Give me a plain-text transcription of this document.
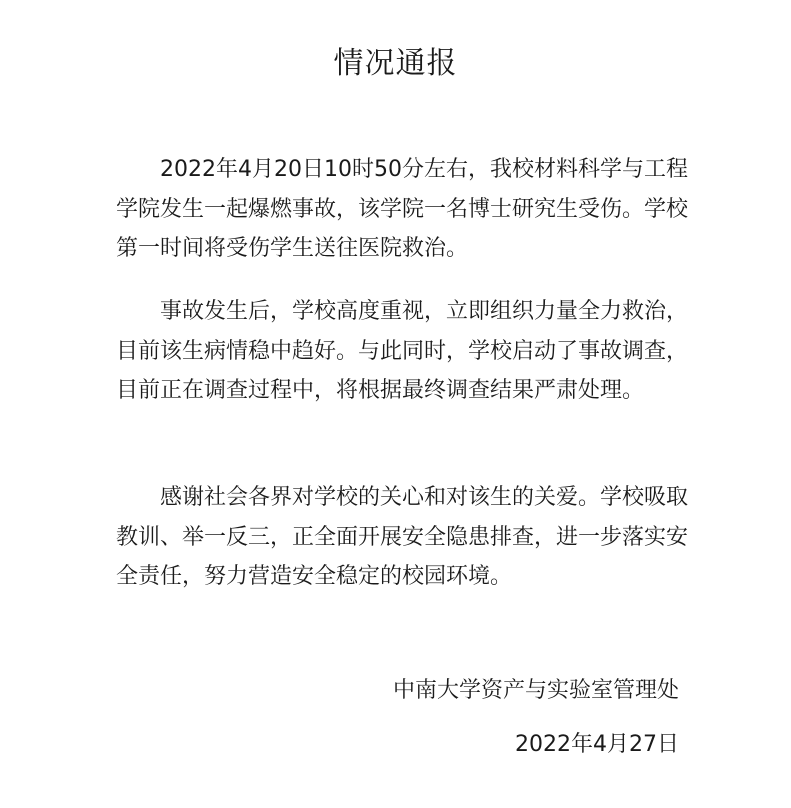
情况通报

2022年4月20日10时50分左右，我校材料科学与工程学院发生一起爆燃事故，该学院一名博士研究生受伤。学校第一时间将受伤学生送往医院救治。

事故发生后，学校高度重视，立即组织力量全力救治，目前该生病情稳中趋好。与此同时，学校启动了事故调查，目前正在调查过程中，将根据最终调查结果严肃处理。

感谢社会各界对学校的关心和对该生的关爱。学校吸取教训、举一反三，正全面开展安全隐患排查，进一步落实安全责任，努力营造安全稳定的校园环境。

中南大学资产与实验室管理处
2022年4月27日
